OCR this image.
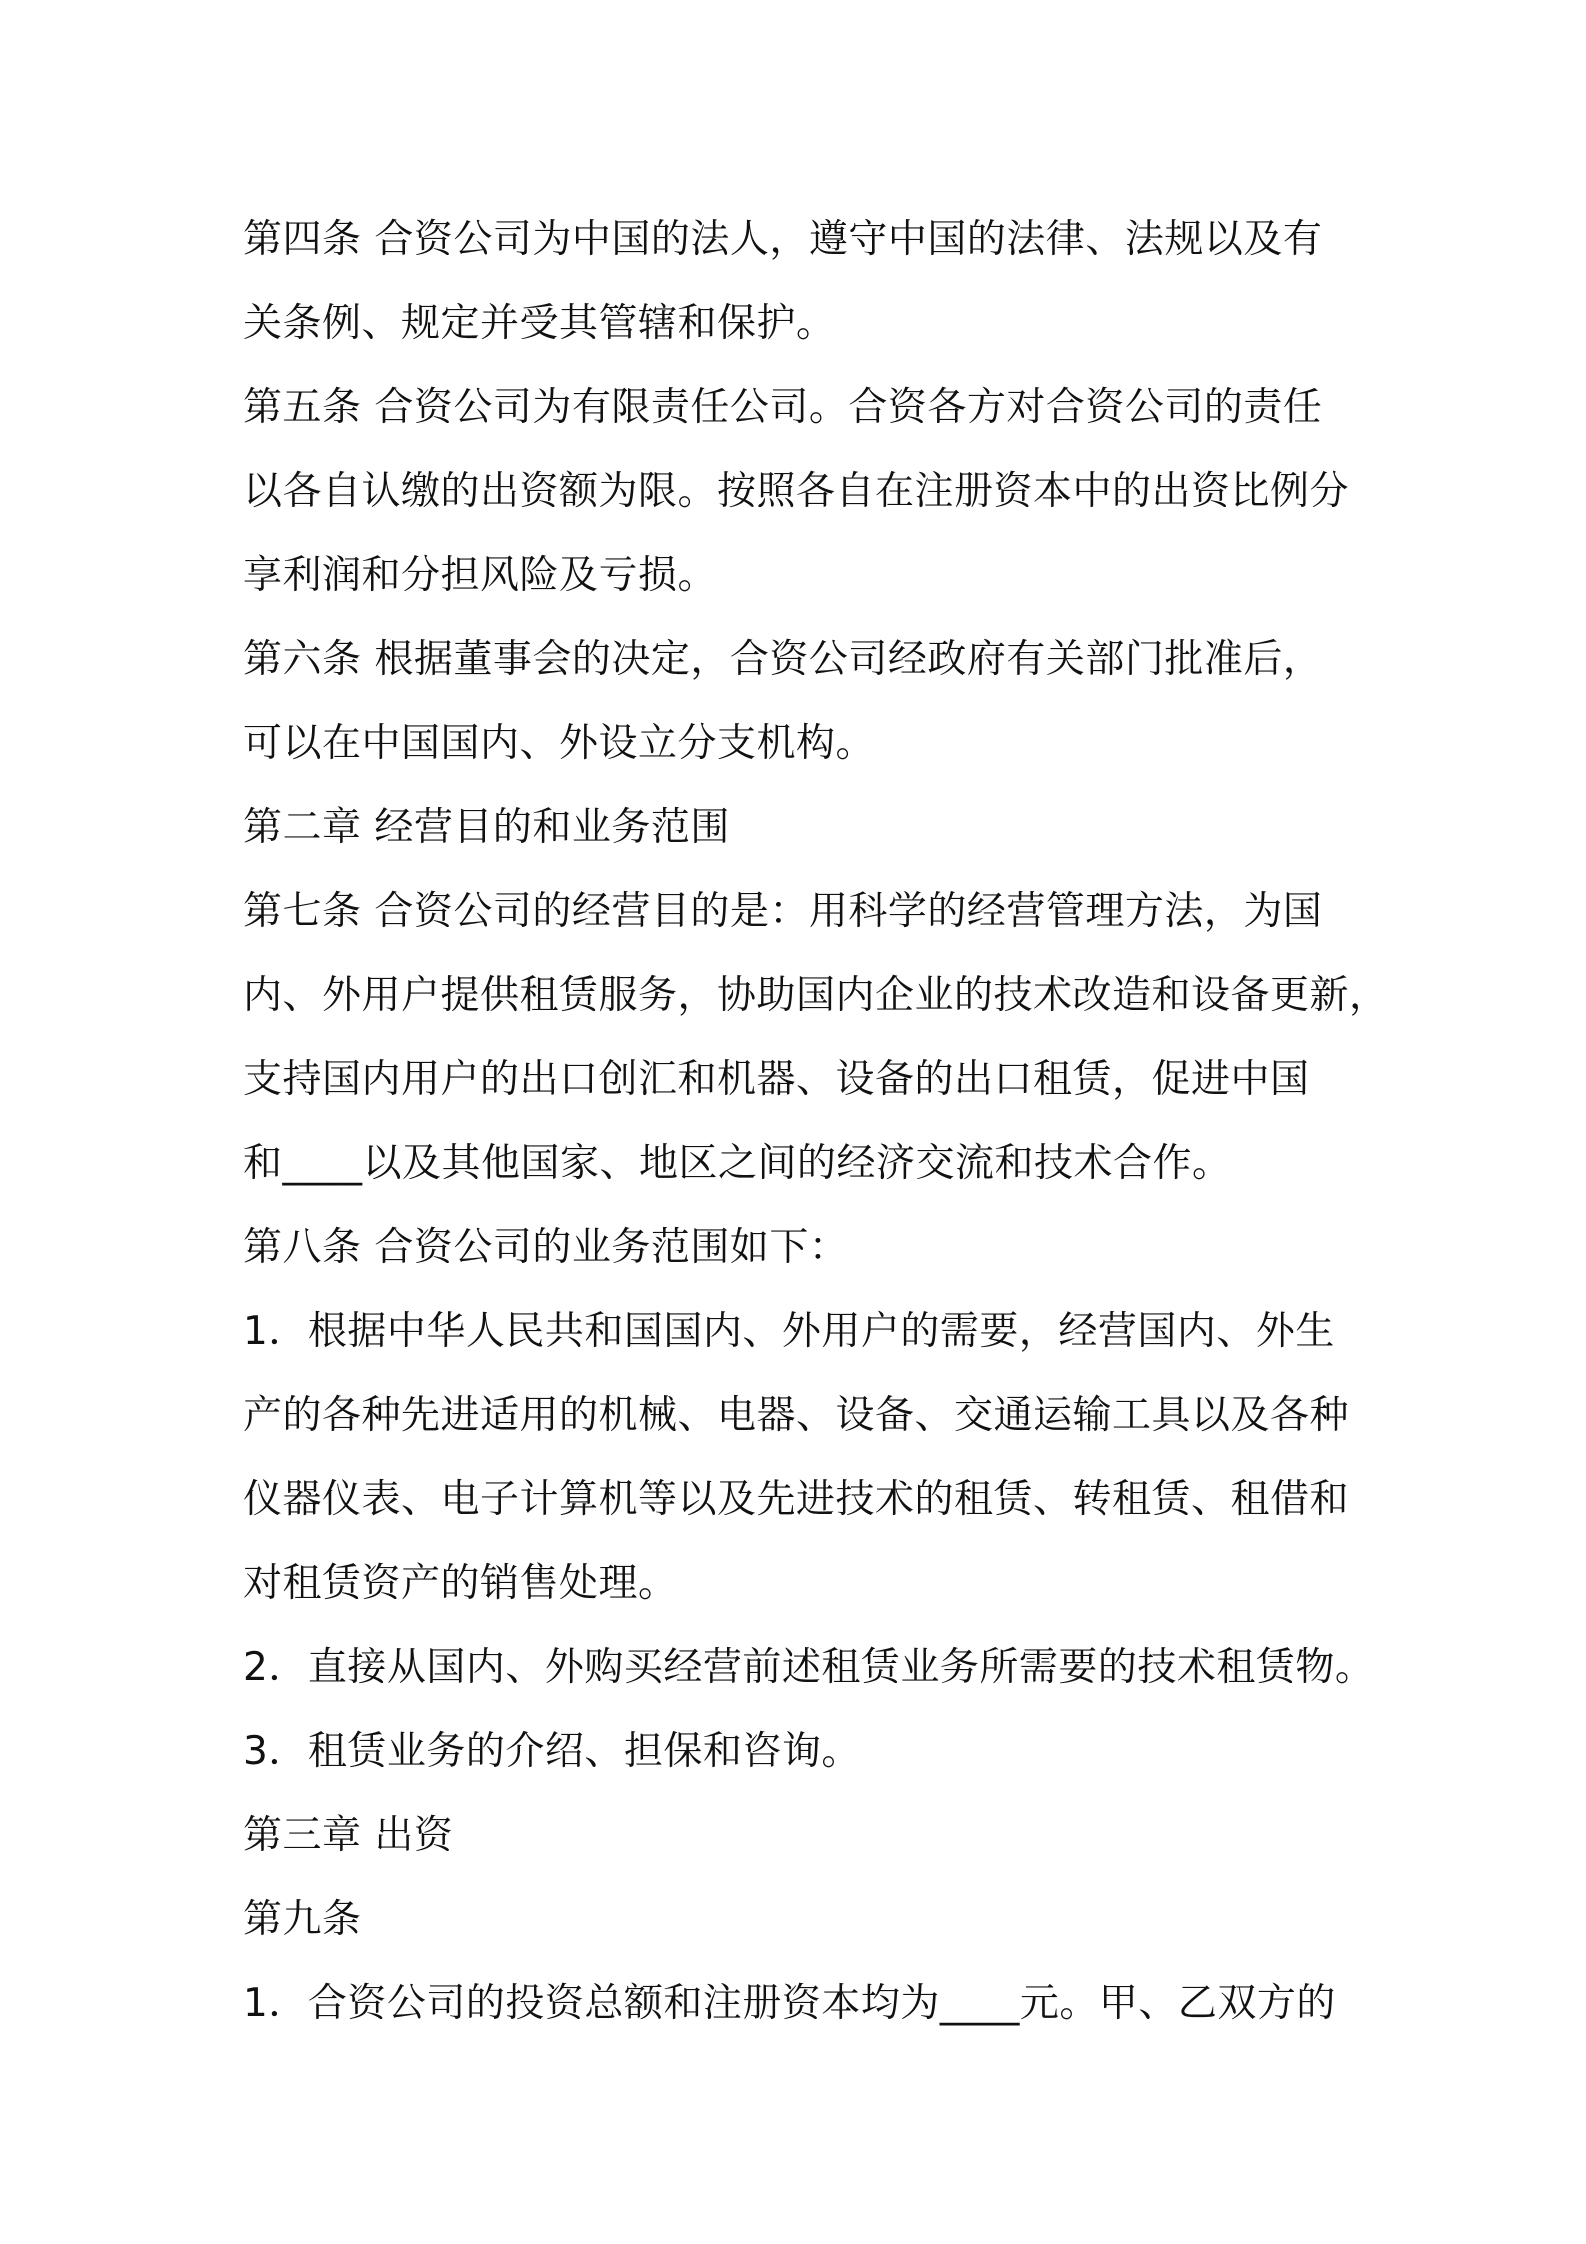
第四条 合资公司为中国的法人，遵守中国的法律、法规以及有
关条例、规定并受其管辖和保护。
第五条 合资公司为有限责任公司。合资各方对合资公司的责任
以各自认缴的出资额为限。按照各自在注册资本中的出资比例分
享利润和分担风险及亏损。
第六条 根据董事会的决定，合资公司经政府有关部门批准后，
可以在中国国内、外设立分支机构。
第二章 经营目的和业务范围
第七条 合资公司的经营目的是：用科学的经营管理方法，为国
内、外用户提供租赁服务，协助国内企业的技术改造和设备更新，
支持国内用户的出口创汇和机器、设备的出口租赁，促进中国
和____以及其他国家、地区之间的经济交流和技术合作。
第八条 合资公司的业务范围如下：
1．根据中华人民共和国国内、外用户的需要，经营国内、外生
产的各种先进适用的机械、电器、设备、交通运输工具以及各种
仪器仪表、电子计算机等以及先进技术的租赁、转租赁、租借和
对租赁资产的销售处理。
2．直接从国内、外购买经营前述租赁业务所需要的技术租赁物。
3．租赁业务的介绍、担保和咨询。
第三章 出资
第九条
1．合资公司的投资总额和注册资本均为____元。甲、乙双方的
